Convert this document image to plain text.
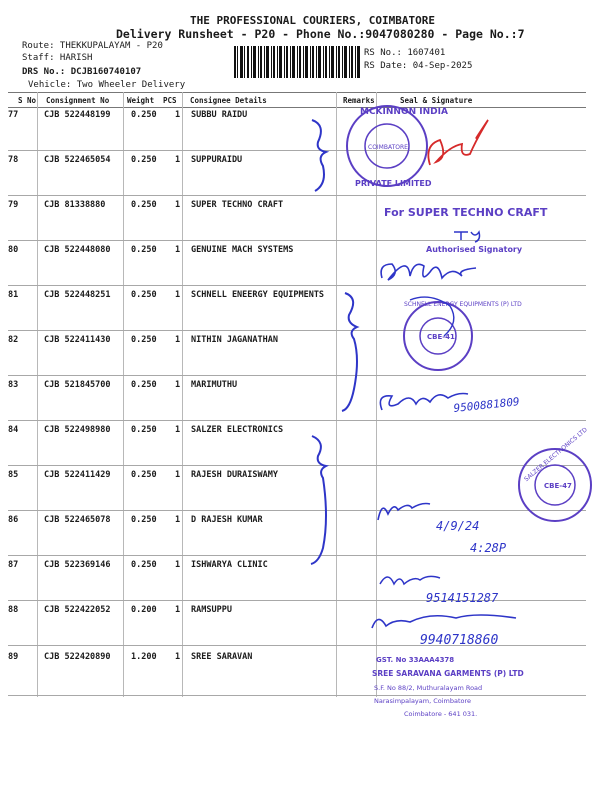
THE PROFESSIONAL COURIERS, COIMBATORE
Delivery Runsheet - P20 - Phone No.:9047080280 - Page No.:7
Route: THEKKUPALAYAM - P20
Staff: HARISH
DRS No.: DCJB160740107
Vehicle: Two Wheeler Delivery
RS No.: 1607401
RS Date: 04-Sep-2025
S No Consignment No Weight PCS Consignee Details	Remarks	Seal & Signature
77	CJB 522448199 0.250 1 SUBBU RAIDU
78	CJB 522465054 0.250 1 SUPPURAIDU
79	CJB 81338880	0.250 1 SUPER TECHNO CRAFT
80	CJB 522448080 0.250 1 GENUINE MACH SYSTEMS
81	CJB 522448251 0.250 1 SCHNELL ENEERGY EQUIPMENTS
82	CJB 522411430 0.250 1 NITHIN JAGANATHAN
83	CJB 521845700 0.250 1 MARIMUTHU
84	CJB 522498980 0.250 1 SALZER ELECTRONICS
85	CJB 522411429 0.250 1 RAJESH DURAISWAMY
86	CJB 522465078 0.250 1 D RAJESH KUMAR
87	CJB 522369146 0.250 1 ISHWARYA CLINIC
88	CJB 522422052 0.200 1 RAMSUPPU
89	CJB 522420890 1.200 1 SREE SARAVAN
MCKINNON INDIA
PRIVATE LIMITED
COIMBATORE
For SUPER TECHNO CRAFT
Authorised Signatory
SCHNELL ENERGY EQUIPMENTS (P) LTD
CBE-41
9500881809
SALZER ELECTRONICS LTD
CBE-47
4/9/24
4:28P
9514151287
9940718860
GST. No 33AAA4378
SREE SARAVANA GARMENTS (P) LTD
S.F. No 88/2, Muthuralayam Road
Narasimpalayam, Coimbatore
Coimbatore - 641 031.
